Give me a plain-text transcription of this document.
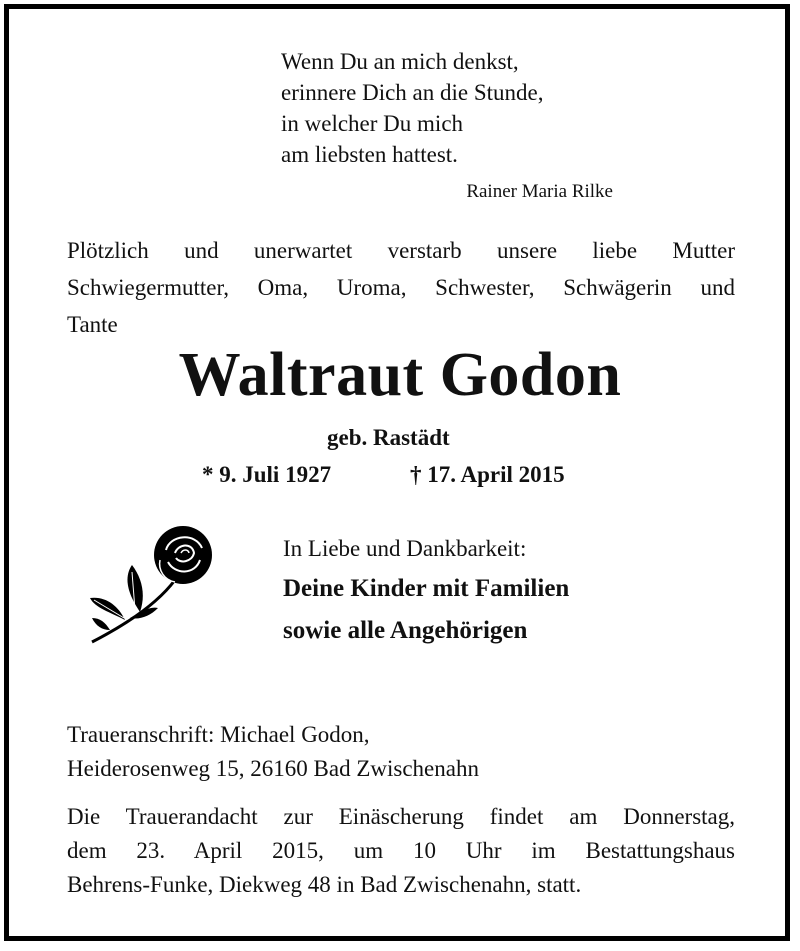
Wenn Du an mich denkst,
erinnere Dich an die Stunde,
in welcher Du mich
am liebsten hattest.
Rainer Maria Rilke
Plötzlich und unerwartet verstarb unsere liebe Mutter
Schwiegermutter, Oma, Uroma, Schwester, Schwägerin und
Tante
Waltraut Godon
geb. Rastädt
* 9. Juli 1927	† 17. April 2015
In Liebe und Dankbarkeit:
Deine Kinder mit Familien
sowie alle Angehörigen
Traueranschrift: Michael Godon,
Heiderosenweg 15, 26160 Bad Zwischenahn
Die Trauerandacht zur Einäscherung findet am Donnerstag,
dem 23. April 2015, um 10 Uhr im Bestattungshaus
Behrens-Funke, Diekweg 48 in Bad Zwischenahn, statt.
